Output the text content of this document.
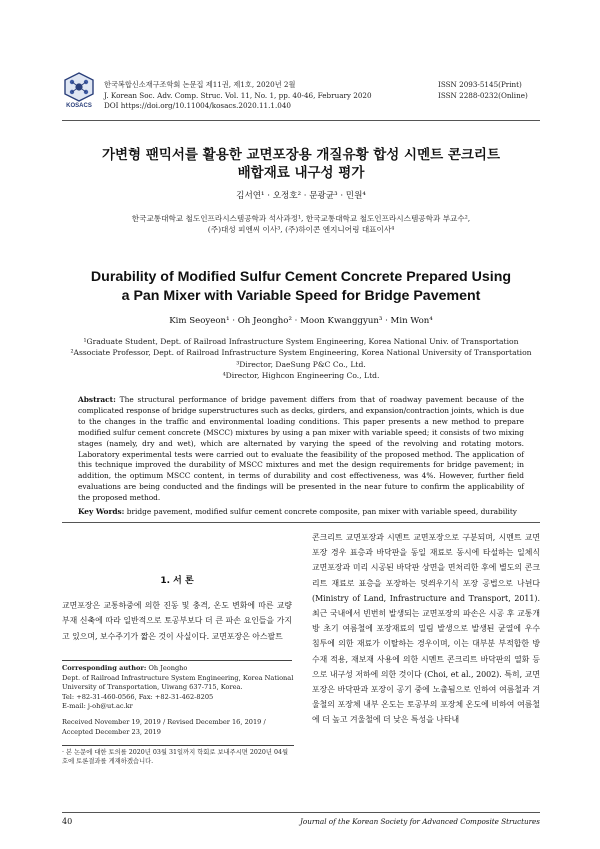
KOSACS
한국복합신소재구조학회 논문집 제11권, 제1호, 2020년 2월
J. Korean Soc. Adv. Comp. Struc. Vol. 11, No. 1, pp. 40-46, February 2020
DOI https://doi.org/10.11004/kosacs.2020.11.1.040
ISSN 2093-5145(Print)
ISSN 2288-0232(Online)
가변형 팬믹서를 활용한 교면포장용 개질유황 합성 시멘트 콘크리트
배합재료 내구성 평가
김서연¹ · 오정호² · 문광균³ · 민원⁴
한국교통대학교 철도인프라시스템공학과 석사과정¹, 한국교통대학교 철도인프라시스템공학과 부교수²,
(주)대성 피엔씨 이사³, (주)하이콘 엔지니어링 대표이사⁴
Durability of Modified Sulfur Cement Concrete Prepared Using
a Pan Mixer with Variable Speed for Bridge Pavement
Kim Seoyeon¹ · Oh Jeongho² · Moon Kwanggyun³ · Min Won⁴
¹Graduate Student, Dept. of Railroad Infrastructure System Engineering, Korea National Univ. of Transportation
²Associate Professor, Dept. of Railroad Infrastructure System Engineering, Korea National University of Transportation
³Director, DaeSung P&C Co., Ltd.
⁴Director, Highcon Engineering Co., Ltd.
Abstract: The structural performance of bridge pavement differs from that of roadway pavement because of the complicated response of bridge superstructures such as decks, girders, and expansion/contraction joints, which is due to the changes in the traffic and environmental loading conditions. This paper presents a new method to prepare modified sulfur cement concrete (MSCC) mixtures by using a pan mixer with variable speed; it consists of two mixing stages (namely, dry and wet), which are alternated by varying the speed of the revolving and rotating motors. Laboratory experimental tests were carried out to evaluate the feasibility of the proposed method. The application of this technique improved the durability of MSCC mixtures and met the design requirements for bridge pavement; in addition, the optimum MSCC content, in terms of durability and cost effectiveness, was 4%. However, further field evaluations are being conducted and the findings will be presented in the near future to confirm the applicability of the proposed method.
Key Words: bridge pavement, modified sulfur cement concrete composite, pan mixer with variable speed, durability
1. 서 론
교면포장은 교통하중에 의한 진동 및 충격, 온도 변화에 따른 교량 부재 신축에 따라 일반적으로 토공부보다 더 큰 파손 요인들을 가지고 있으며, 보수주기가 짧은 것이 사실이다. 교면포장은 아스팔트
콘크리트 교면포장과 시멘트 교면포장으로 구분되며, 시멘트 교면포장 경우 표층과 바닥판을 동일 재료로 동시에 타설하는 일체식 교면포장과 미리 시공된 바닥판 상면을 면처리한 후에 별도의 콘크리트 재료로 표층을 포장하는 덧씌우기식 포장 공법으로 나뉜다 (Ministry of Land, Infrastructure and Transport, 2011). 최근 국내에서 빈번히 발생되는 교면포장의 파손은 시공 후 교통개방 초기 여름철에 포장재료의 밀림 발생으로 발생된 균열에 우수 침투에 의한 재료가 이탈하는 경우이며, 이는 대부분 부적합한 방수재 적용, 재보재 사용에 의한 시멘트 콘크리트 바닥판의 열화 등으로 내구성 저하에 의한 것이다 (Choi, et al., 2002). 특히, 교면포장은 바닥판과 포장이 공기 중에 노출됨으로 인하여 여름철과 겨울철의 포장체 내부 온도는 토공부의 포장체 온도에 비하여 여름철에 더 높고 겨울철에 더 낮은 특성을 나타내
Corresponding author: Oh Jeongho
Dept. of Railroad Infrastructure System Engineering, Korea National University of Transportation, Uiwang 637-715, Korea.
Tel: +82-31-460-0566, Fax: +82-31-462-8205
E-mail: j-oh@ut.ac.kr
Received November 19, 2019 / Revised December 16, 2019 /
Accepted December 23, 2019
· 본 논문에 대한 토의를 2020년 03월 31일까지 학회로 보내주시면 2020년 04월호에 토론결과를 게재하겠습니다.
40	Journal of the Korean Society for Advanced Composite Structures
